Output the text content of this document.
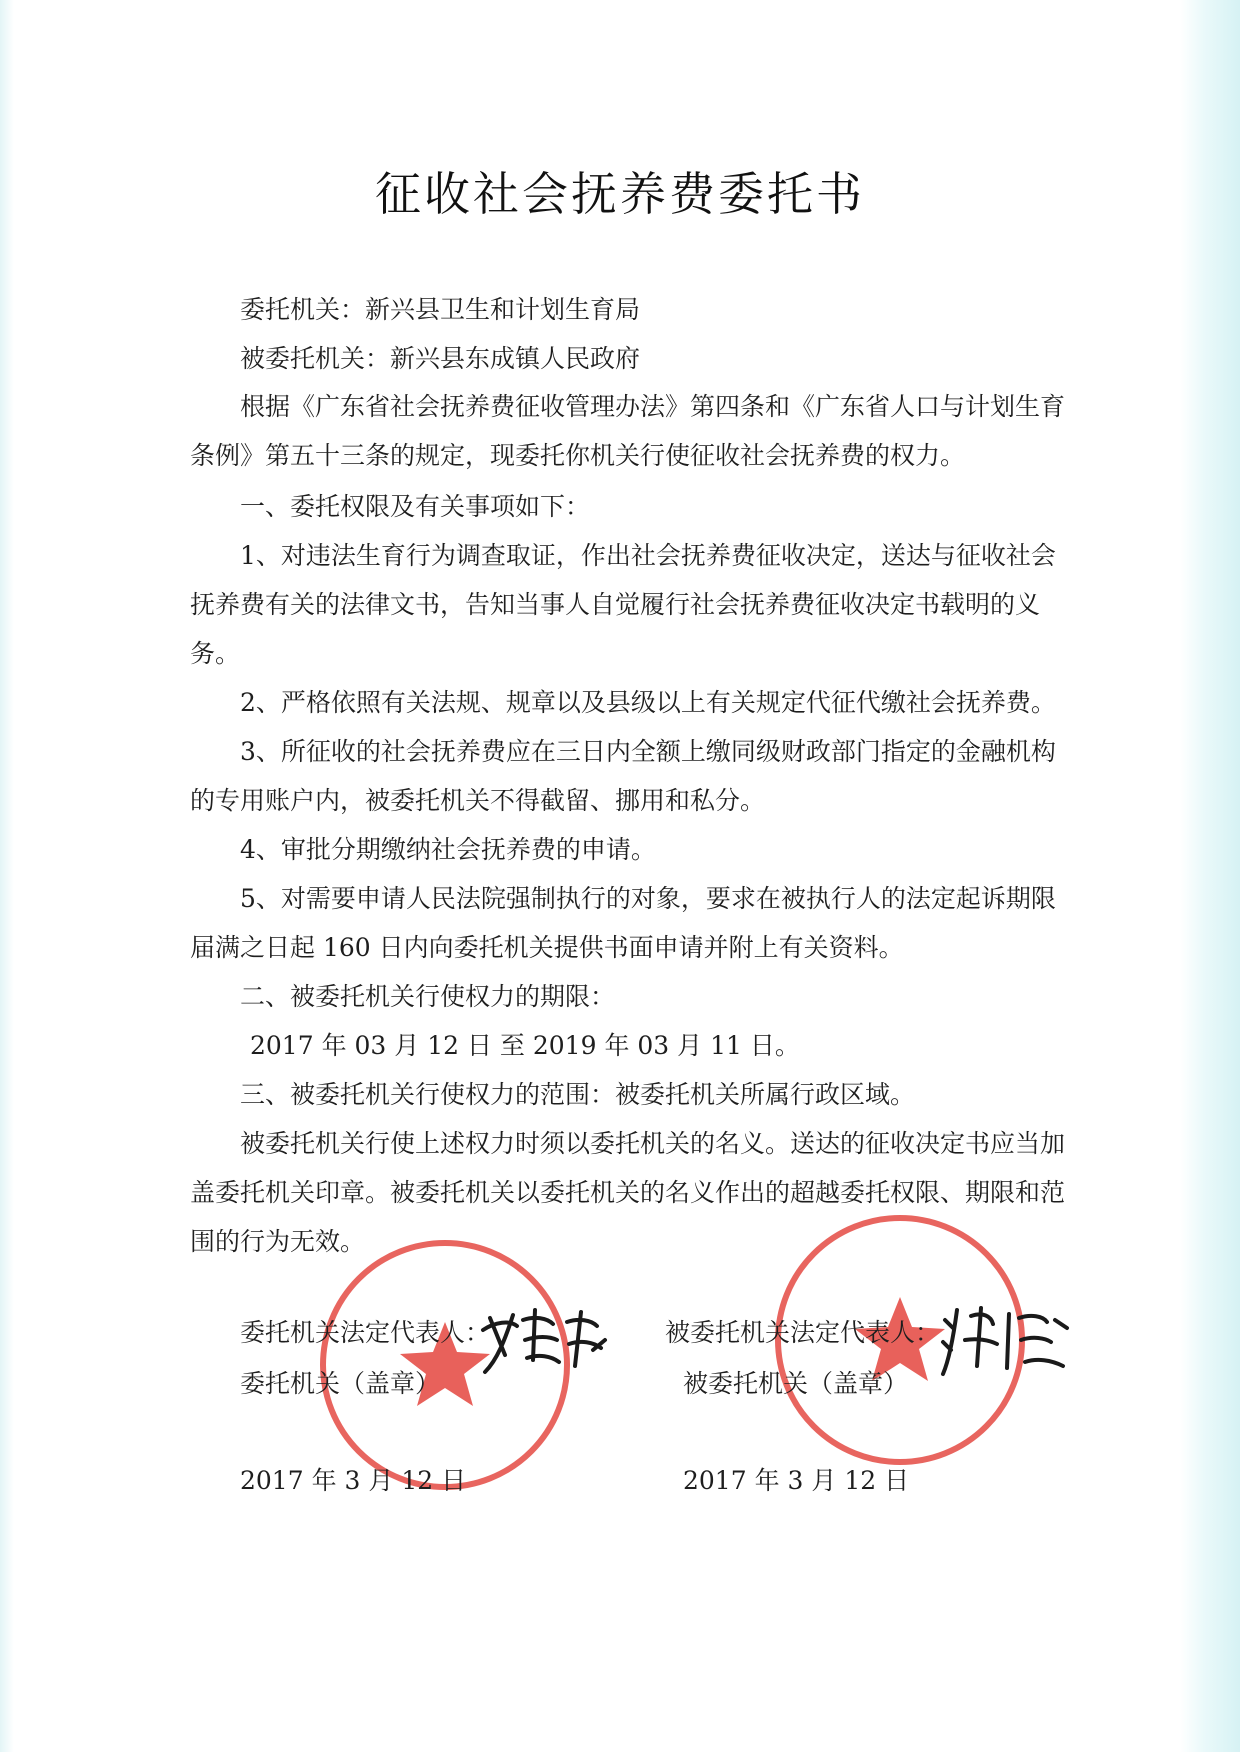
征收社会抚养费委托书
委托机关：新兴县卫生和计划生育局
被委托机关：新兴县东成镇人民政府
根据《广东省社会抚养费征收管理办法》第四条和《广东省人口与计划生育
条例》第五十三条的规定，现委托你机关行使征收社会抚养费的权力。
一、委托权限及有关事项如下：
1、对违法生育行为调查取证，作出社会抚养费征收决定，送达与征收社会
抚养费有关的法律文书，告知当事人自觉履行社会抚养费征收决定书载明的义
务。
2、严格依照有关法规、规章以及县级以上有关规定代征代缴社会抚养费。
3、所征收的社会抚养费应在三日内全额上缴同级财政部门指定的金融机构
的专用账户内，被委托机关不得截留、挪用和私分。
4、审批分期缴纳社会抚养费的申请。
5、对需要申请人民法院强制执行的对象，要求在被执行人的法定起诉期限
届满之日起 160 日内向委托机关提供书面申请并附上有关资料。
二、被委托机关行使权力的期限：
2017 年 03 月 12 日 至 2019 年 03 月 11 日。
三、被委托机关行使权力的范围：被委托机关所属行政区域。
被委托机关行使上述权力时须以委托机关的名义。送达的征收决定书应当加
盖委托机关印章。被委托机关以委托机关的名义作出的超越委托权限、期限和范
围的行为无效。
委托机关法定代表人：
委托机关（盖章）
2017 年 3 月 12 日
被委托机关法定代表人：
被委托机关（盖章）
2017 年 3 月 12 日
